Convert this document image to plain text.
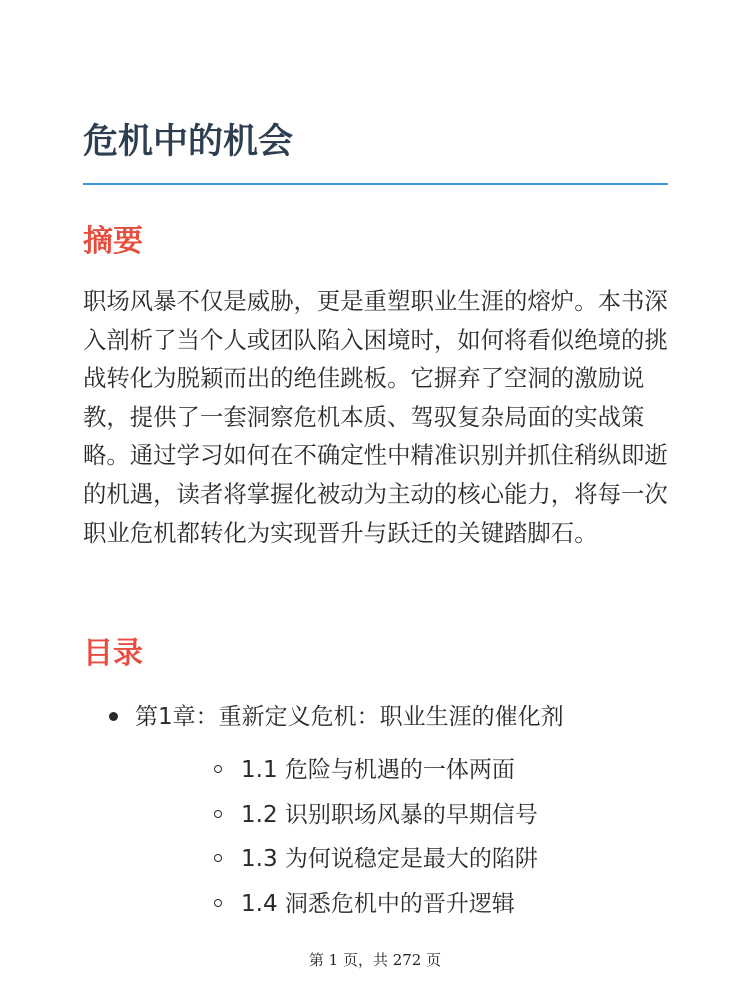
危机中的机会
摘要

职场风暴不仅是威胁，更是重塑职业生涯的熔炉。本书深入剖析了当个人或团队陷入困境时，如何将看似绝境的挑战转化为脱颖而出的绝佳跳板。它摒弃了空洞的激励说教，提供了一套洞察危机本质、驾驭复杂局面的实战策略。通过学习如何在不确定性中精准识别并抓住稍纵即逝的机遇，读者将掌握化被动为主动的核心能力，将每一次职业危机都转化为实现晋升与跃迁的关键踏脚石。

目录
第1章：重新定义危机：职业生涯的催化剂
1.1 危险与机遇的一体两面
1.2 识别职场风暴的早期信号
1.3 为何说稳定是最大的陷阱
1.4 洞悉危机中的晋升逻辑
第 1 页，共 272 页
